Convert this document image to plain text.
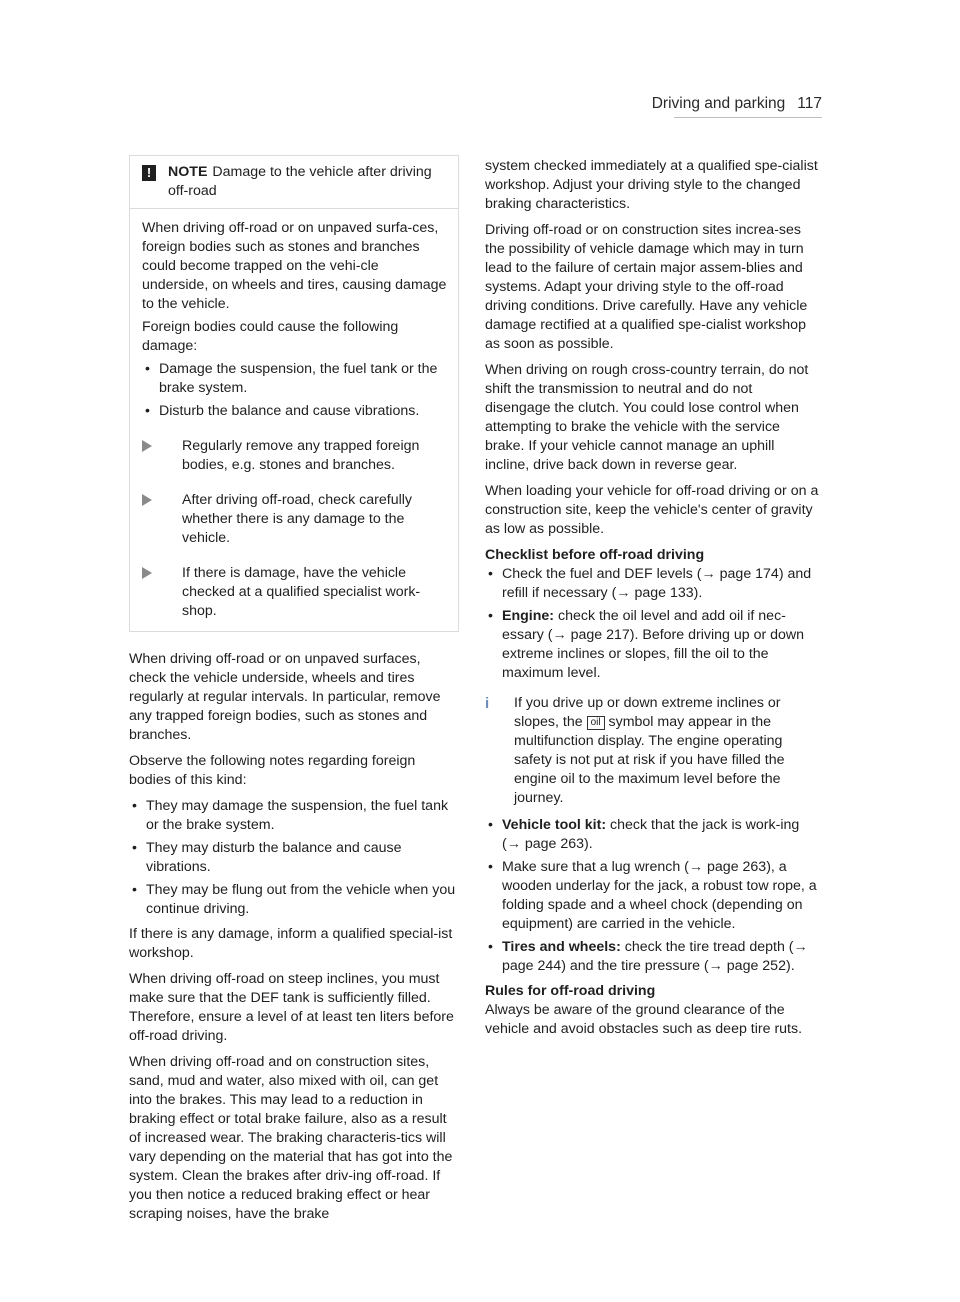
Driving and parking 117
!	NOTE Damage to the vehicle after driving off-road

When driving off-road or on unpaved surfa-ces, foreign bodies such as stones and branches could become trapped on the vehi-cle underside, on wheels and tires, causing damage to the vehicle.

Foreign bodies could cause the following damage:

• Damage the suspension, the fuel tank or the brake system.
• Disturb the balance and cause vibrations.
Regularly remove any trapped foreign bodies, e.g. stones and branches.
After driving off-road, check carefully whether there is any damage to the vehicle.
If there is damage, have the vehicle checked at a qualified specialist work-shop.

When driving off-road or on unpaved surfaces, check the vehicle underside, wheels and tires regularly at regular intervals. In particular, remove any trapped foreign bodies, such as stones and branches.

Observe the following notes regarding foreign bodies of this kind:

• They may damage the suspension, the fuel tank or the brake system.
• They may disturb the balance and cause vibrations.
• They may be flung out from the vehicle when you continue driving.

If there is any damage, inform a qualified special-ist workshop.

When driving off-road on steep inclines, you must make sure that the DEF tank is sufficiently filled. Therefore, ensure a level of at least ten liters before off-road driving.

When driving off-road and on construction sites, sand, mud and water, also mixed with oil, can get into the brakes. This may lead to a reduction in braking effect or total brake failure, also as a result of increased wear. The braking characteris-tics will vary depending on the material that has got into the system. Clean the brakes after driv-ing off-road. If you then notice a reduced braking effect or hear scraping noises, have the brake

system checked immediately at a qualified spe-cialist workshop. Adjust your driving style to the changed braking characteristics.

Driving off-road or on construction sites increa-ses the possibility of vehicle damage which may in turn lead to the failure of certain major assem-blies and systems. Adapt your driving style to the off-road driving conditions. Drive carefully. Have any vehicle damage rectified at a qualified spe-cialist workshop as soon as possible.

When driving on rough cross-country terrain, do not shift the transmission to neutral and do not disengage the clutch. You could lose control when attempting to brake the vehicle with the service brake. If your vehicle cannot manage an uphill incline, drive back down in reverse gear.

When loading your vehicle for off-road driving or on a construction site, keep the vehicle's center of gravity as low as possible.

Checklist before off-road driving

• Check the fuel and DEF levels (→ page 174) and refill if necessary (→ page 133).
• Engine: check the oil level and add oil if nec-essary (→ page 217). Before driving up or down extreme inclines or slopes, fill the oil to the maximum level.
i	If you drive up or down extreme inclines or slopes, the oil symbol may appear in the multifunction display. The engine operating safety is not put at risk if you have filled the engine oil to the maximum level before the journey.
• Vehicle tool kit: check that the jack is work-ing (→ page 263).
• Make sure that a lug wrench (→ page 263), a wooden underlay for the jack, a robust tow rope, a folding spade and a wheel chock (depending on equipment) are carried in the vehicle.
• Tires and wheels: check the tire tread depth (→ page 244) and the tire pressure (→ page 252).

Rules for off-road driving

Always be aware of the ground clearance of the vehicle and avoid obstacles such as deep tire ruts.
